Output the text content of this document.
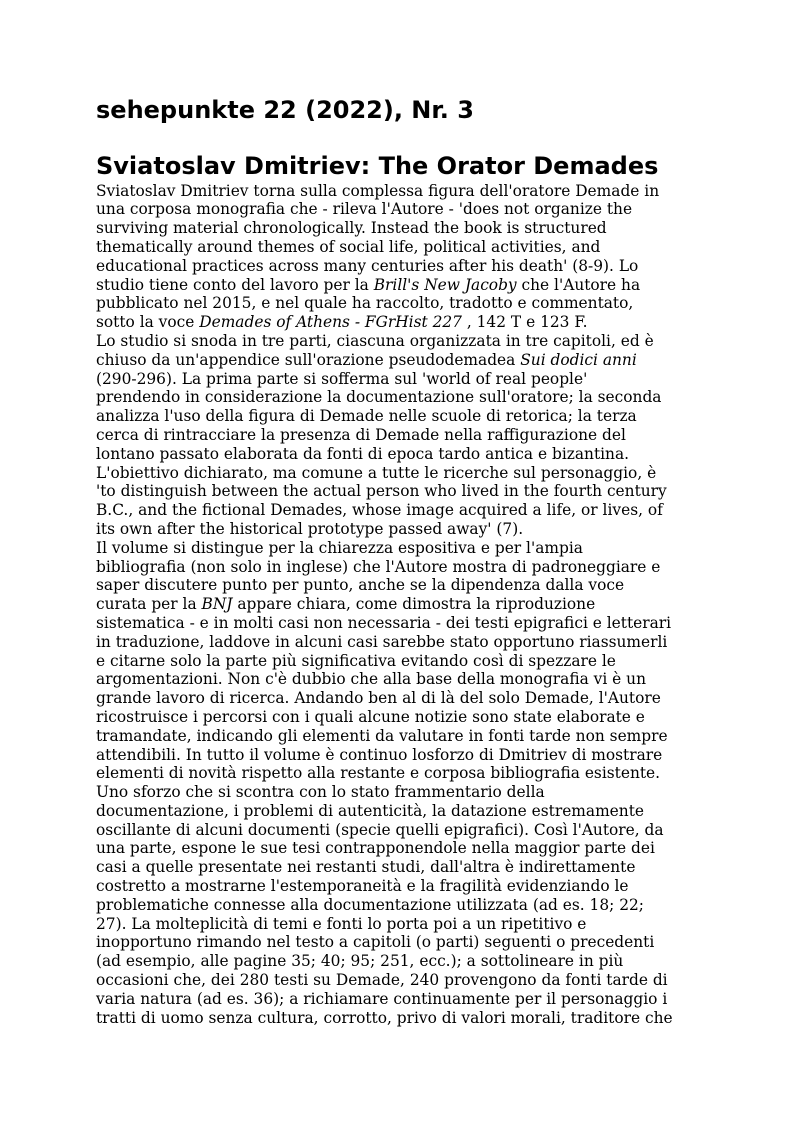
sehepunkte 22 (2022), Nr. 3
Sviatoslav Dmitriev: The Orator Demades

Sviatoslav Dmitriev torna sulla complessa figura dell'oratore Demade in
una corposa monografia che - rileva l'Autore - 'does not organize the
surviving material chronologically. Instead the book is structured
thematically around themes of social life, political activities, and
educational practices across many centuries after his death' (8-9). Lo
studio tiene conto del lavoro per la Brill's New Jacoby che l'Autore ha
pubblicato nel 2015, e nel quale ha raccolto, tradotto e commentato,
sotto la voce Demades of Athens - FGrHist 227 , 142 T e 123 F.

Lo studio si snoda in tre parti, ciascuna organizzata in tre capitoli, ed è
chiuso da un'appendice sull'orazione pseudodemadea Sui dodici anni
(290-296). La prima parte si sofferma sul 'world of real people'
prendendo in considerazione la documentazione sull'oratore; la seconda
analizza l'uso della figura di Demade nelle scuole di retorica; la terza
cerca di rintracciare la presenza di Demade nella raffigurazione del
lontano passato elaborata da fonti di epoca tardo antica e bizantina.
L'obiettivo dichiarato, ma comune a tutte le ricerche sul personaggio, è
'to distinguish between the actual person who lived in the fourth century
B.C., and the fictional Demades, whose image acquired a life, or lives, of
its own after the historical prototype passed away' (7).

Il volume si distingue per la chiarezza espositiva e per l'ampia
bibliografia (non solo in inglese) che l'Autore mostra di padroneggiare e
saper discutere punto per punto, anche se la dipendenza dalla voce
curata per la BNJ appare chiara, come dimostra la riproduzione
sistematica - e in molti casi non necessaria - dei testi epigrafici e letterari
in traduzione, laddove in alcuni casi sarebbe stato opportuno riassumerli
e citarne solo la parte più significativa evitando così di spezzare le
argomentazioni. Non c'è dubbio che alla base della monografia vi è un
grande lavoro di ricerca. Andando ben al di là del solo Demade, l'Autore
ricostruisce i percorsi con i quali alcune notizie sono state elaborate e
tramandate, indicando gli elementi da valutare in fonti tarde non sempre
attendibili. In tutto il volume è continuo losforzo di Dmitriev di mostrare
elementi di novità rispetto alla restante e corposa bibliografia esistente.
Uno sforzo che si scontra con lo stato frammentario della
documentazione, i problemi di autenticità, la datazione estremamente
oscillante di alcuni documenti (specie quelli epigrafici). Così l'Autore, da
una parte, espone le sue tesi contrapponendole nella maggior parte dei
casi a quelle presentate nei restanti studi, dall'altra è indirettamente
costretto a mostrarne l'estemporaneità e la fragilità evidenziando le
problematiche connesse alla documentazione utilizzata (ad es. 18; 22;
27). La molteplicità di temi e fonti lo porta poi a un ripetitivo e
inopportuno rimando nel testo a capitoli (o parti) seguenti o precedenti
(ad esempio, alle pagine 35; 40; 95; 251, ecc.); a sottolineare in più
occasioni che, dei 280 testi su Demade, 240 provengono da fonti tarde di
varia natura (ad es. 36); a richiamare continuamente per il personaggio i
tratti di uomo senza cultura, corrotto, privo di valori morali, traditore che
